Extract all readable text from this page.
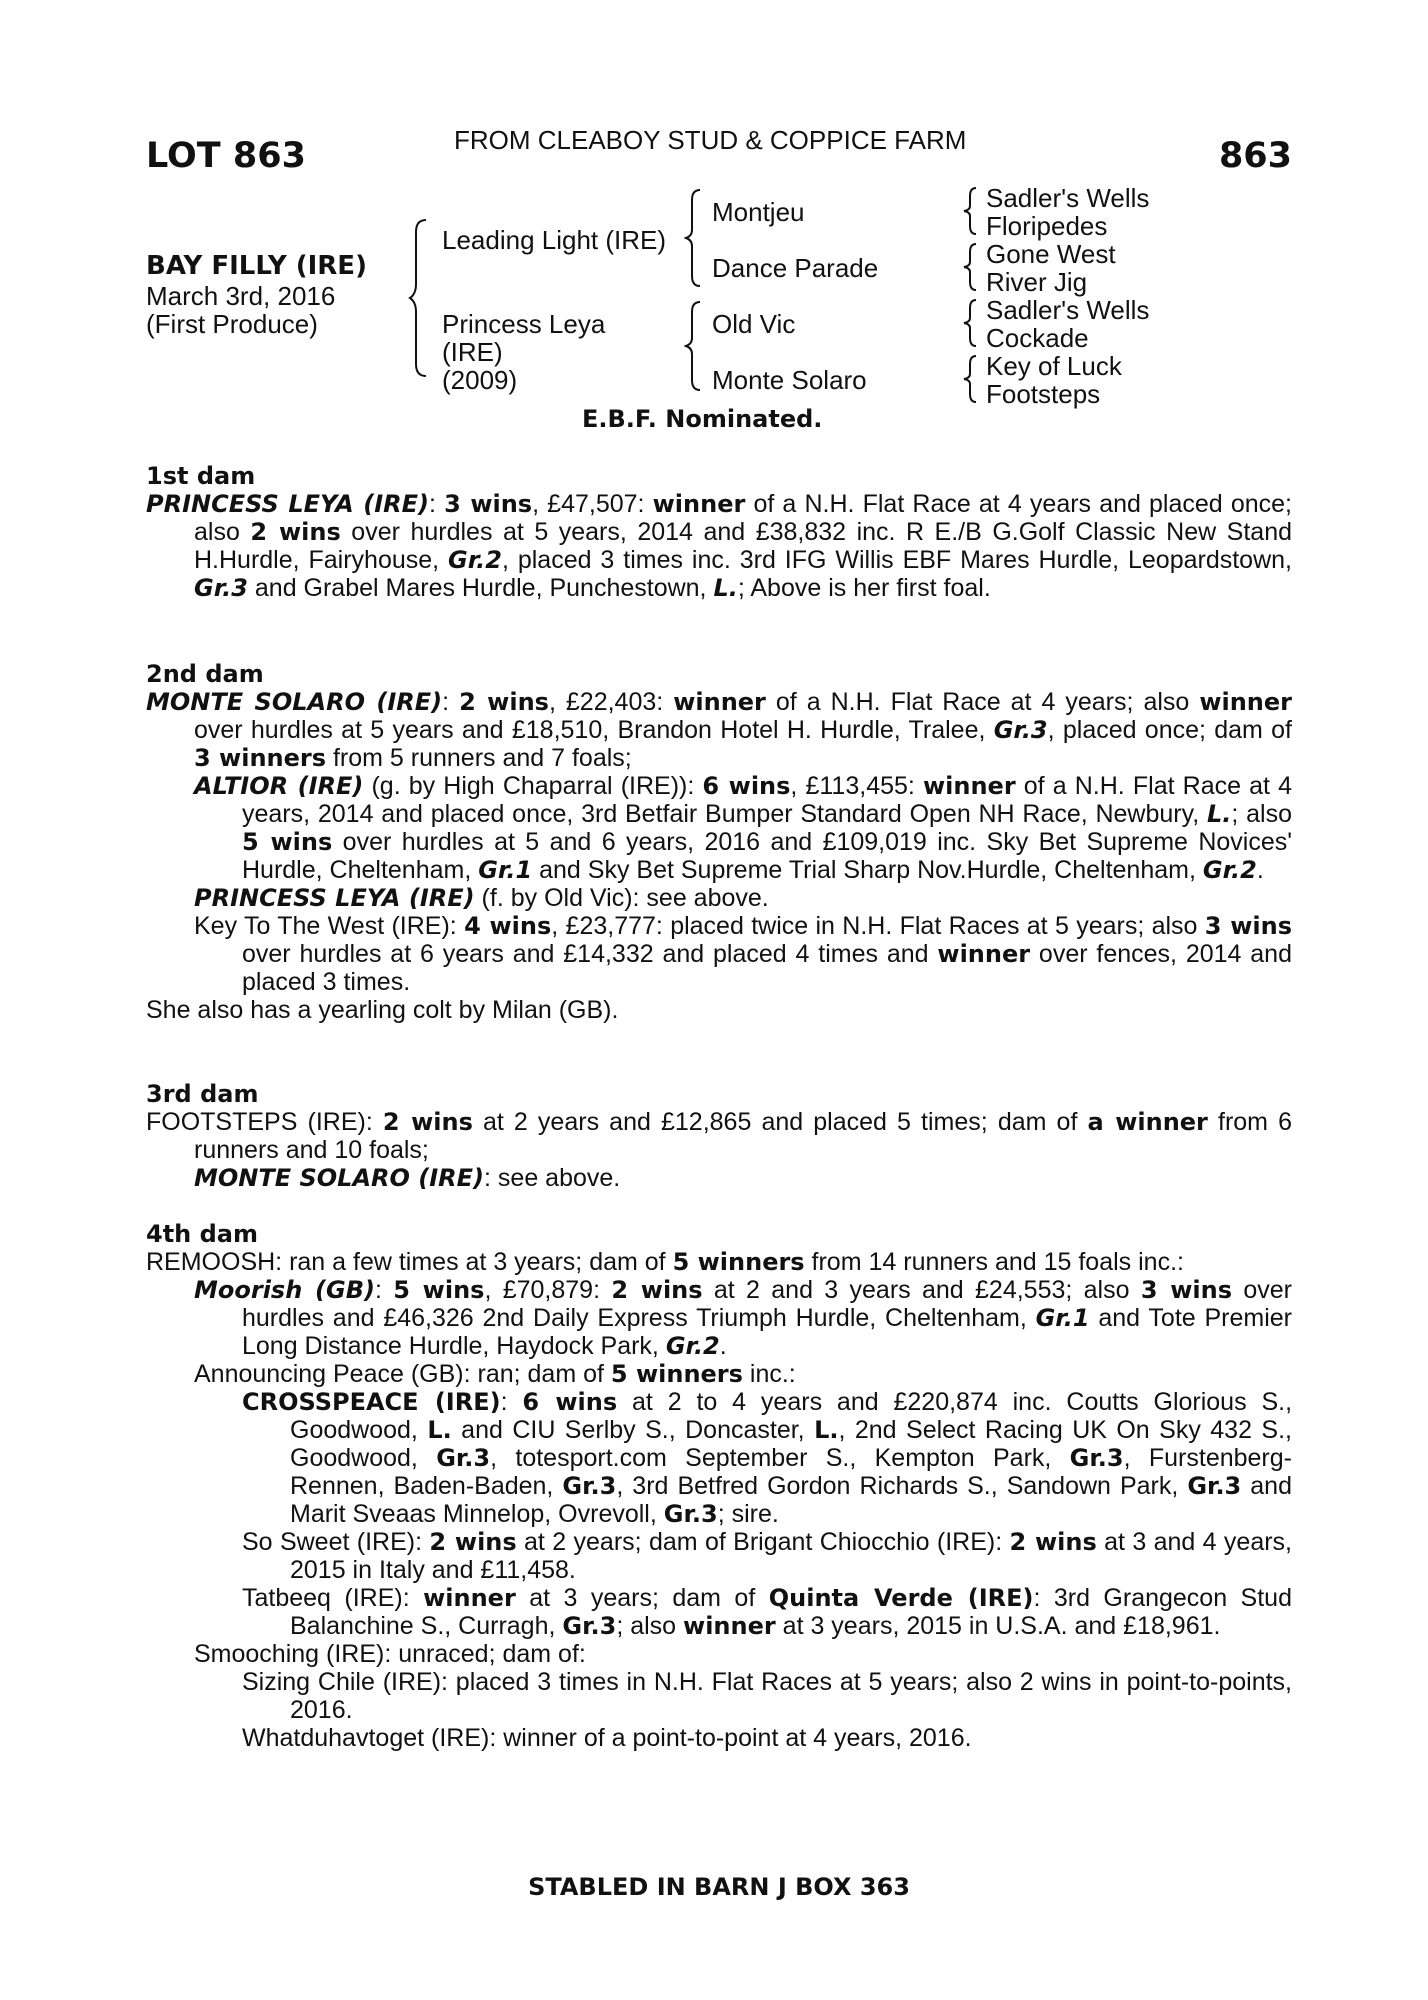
LOT 863	FROM CLEABOY STUD & COPPICE FARM	863
BAY FILLY (IRE)
March 3rd, 2016
(First Produce)
Leading Light (IRE)
Princess Leya
(IRE)
(2009)
Montjeu
Dance Parade
Old Vic
Monte Solaro
Sadler's Wells
Floripedes
Gone West
River Jig
Sadler's Wells
Cockade
Key of Luck
Footsteps
E.B.F. Nominated.
1st dam
PRINCESS LEYA (IRE): 3 wins, £47,507: winner of a N.H. Flat Race at 4 years and placed once; also 2 wins over hurdles at 5 years, 2014 and £38,832 inc. R E./B G.Golf Classic New Stand H.Hurdle, Fairyhouse, Gr.2, placed 3 times inc. 3rd IFG Willis EBF Mares Hurdle, Leopardstown, Gr.3 and Grabel Mares Hurdle, Punchestown, L.; Above is her first foal.
2nd dam
MONTE SOLARO (IRE): 2 wins, £22,403: winner of a N.H. Flat Race at 4 years; also winner over hurdles at 5 years and £18,510, Brandon Hotel H. Hurdle, Tralee, Gr.3, placed once; dam of 3 winners from 5 runners and 7 foals;
ALTIOR (IRE) (g. by High Chaparral (IRE)): 6 wins, £113,455: winner of a N.H. Flat Race at 4 years, 2014 and placed once, 3rd Betfair Bumper Standard Open NH Race, Newbury, L.; also 5 wins over hurdles at 5 and 6 years, 2016 and £109,019 inc. Sky Bet Supreme Novices' Hurdle, Cheltenham, Gr.1 and Sky Bet Supreme Trial Sharp Nov.Hurdle, Cheltenham, Gr.2.
PRINCESS LEYA (IRE) (f. by Old Vic): see above.
Key To The West (IRE): 4 wins, £23,777: placed twice in N.H. Flat Races at 5 years; also 3 wins over hurdles at 6 years and £14,332 and placed 4 times and winner over fences, 2014 and placed 3 times.
She also has a yearling colt by Milan (GB).
3rd dam
FOOTSTEPS (IRE): 2 wins at 2 years and £12,865 and placed 5 times; dam of a winner from 6 runners and 10 foals;
MONTE SOLARO (IRE): see above.
4th dam
REMOOSH: ran a few times at 3 years; dam of 5 winners from 14 runners and 15 foals inc.:
Moorish (GB): 5 wins, £70,879: 2 wins at 2 and 3 years and £24,553; also 3 wins over hurdles and £46,326 2nd Daily Express Triumph Hurdle, Cheltenham, Gr.1 and Tote Premier Long Distance Hurdle, Haydock Park, Gr.2.
Announcing Peace (GB): ran; dam of 5 winners inc.:
CROSSPEACE (IRE): 6 wins at 2 to 4 years and £220,874 inc. Coutts Glorious S., Goodwood, L. and CIU Serlby S., Doncaster, L., 2nd Select Racing UK On Sky 432 S., Goodwood, Gr.3, totesport.com September S., Kempton Park, Gr.3, Furstenberg-Rennen, Baden-Baden, Gr.3, 3rd Betfred Gordon Richards S., Sandown Park, Gr.3 and Marit Sveaas Minnelop, Ovrevoll, Gr.3; sire.
So Sweet (IRE): 2 wins at 2 years; dam of Brigant Chiocchio (IRE): 2 wins at 3 and 4 years, 2015 in Italy and £11,458.
Tatbeeq (IRE): winner at 3 years; dam of Quinta Verde (IRE): 3rd Grangecon Stud Balanchine S., Curragh, Gr.3; also winner at 3 years, 2015 in U.S.A. and £18,961.
Smooching (IRE): unraced; dam of:
Sizing Chile (IRE): placed 3 times in N.H. Flat Races at 5 years; also 2 wins in point-to-points, 2016.
Whatduhavtoget (IRE): winner of a point-to-point at 4 years, 2016.
STABLED IN BARN J BOX 363
